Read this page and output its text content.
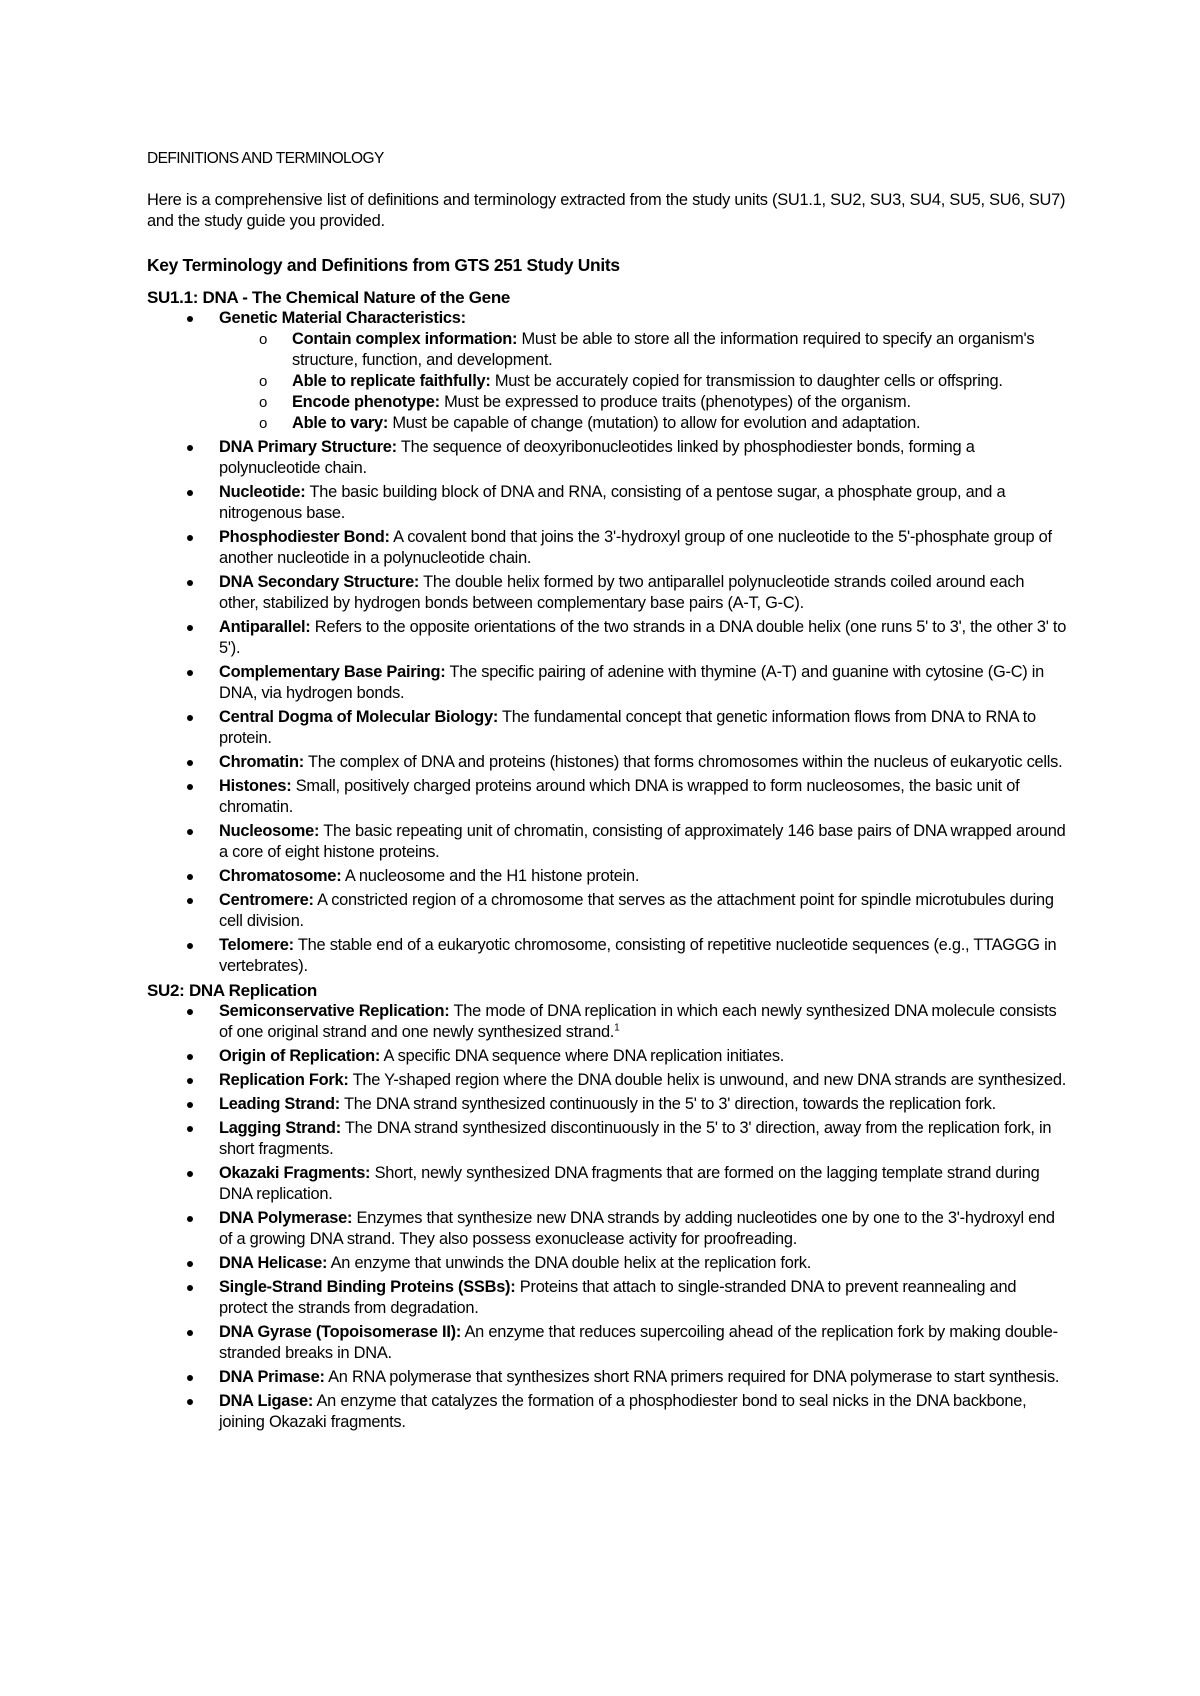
DEFINITIONS AND TERMINOLOGY
Here is a comprehensive list of definitions and terminology extracted from the study units (SU1.1, SU2, SU3, SU4, SU5, SU6, SU7) and the study guide you provided.
Key Terminology and Definitions from GTS 251 Study Units
SU1.1: DNA - The Chemical Nature of the Gene
Genetic Material Characteristics:
o Contain complex information: Must be able to store all the information required to specify an organism's structure, function, and development.
o Able to replicate faithfully: Must be accurately copied for transmission to daughter cells or offspring.
o Encode phenotype: Must be expressed to produce traits (phenotypes) of the organism.
o Able to vary: Must be capable of change (mutation) to allow for evolution and adaptation.
DNA Primary Structure: The sequence of deoxyribonucleotides linked by phosphodiester bonds, forming a polynucleotide chain.
Nucleotide: The basic building block of DNA and RNA, consisting of a pentose sugar, a phosphate group, and a nitrogenous base.
Phosphodiester Bond: A covalent bond that joins the 3'-hydroxyl group of one nucleotide to the 5'-phosphate group of another nucleotide in a polynucleotide chain.
DNA Secondary Structure: The double helix formed by two antiparallel polynucleotide strands coiled around each other, stabilized by hydrogen bonds between complementary base pairs (A-T, G-C).
Antiparallel: Refers to the opposite orientations of the two strands in a DNA double helix (one runs 5' to 3', the other 3' to 5').
Complementary Base Pairing: The specific pairing of adenine with thymine (A-T) and guanine with cytosine (G-C) in DNA, via hydrogen bonds.
Central Dogma of Molecular Biology: The fundamental concept that genetic information flows from DNA to RNA to protein.
Chromatin: The complex of DNA and proteins (histones) that forms chromosomes within the nucleus of eukaryotic cells.
Histones: Small, positively charged proteins around which DNA is wrapped to form nucleosomes, the basic unit of chromatin.
Nucleosome: The basic repeating unit of chromatin, consisting of approximately 146 base pairs of DNA wrapped around a core of eight histone proteins.
Chromatosome: A nucleosome and the H1 histone protein.
Centromere: A constricted region of a chromosome that serves as the attachment point for spindle microtubules during cell division.
Telomere: The stable end of a eukaryotic chromosome, consisting of repetitive nucleotide sequences (e.g., TTAGGG in vertebrates).
SU2: DNA Replication
Semiconservative Replication: The mode of DNA replication in which each newly synthesized DNA molecule consists of one original strand and one newly synthesized strand.$^1$
Origin of Replication: A specific DNA sequence where DNA replication initiates.
Replication Fork: The Y-shaped region where the DNA double helix is unwound, and new DNA strands are synthesized.
Leading Strand: The DNA strand synthesized continuously in the 5' to 3' direction, towards the replication fork.
Lagging Strand: The DNA strand synthesized discontinuously in the 5' to 3' direction, away from the replication fork, in short fragments.
Okazaki Fragments: Short, newly synthesized DNA fragments that are formed on the lagging template strand during DNA replication.
DNA Polymerase: Enzymes that synthesize new DNA strands by adding nucleotides one by one to the 3'-hydroxyl end of a growing DNA strand. They also possess exonuclease activity for proofreading.
DNA Helicase: An enzyme that unwinds the DNA double helix at the replication fork.
Single-Strand Binding Proteins (SSBs): Proteins that attach to single-stranded DNA to prevent reannealing and protect the strands from degradation.
DNA Gyrase (Topoisomerase II): An enzyme that reduces supercoiling ahead of the replication fork by making double-stranded breaks in DNA.
DNA Primase: An RNA polymerase that synthesizes short RNA primers required for DNA polymerase to start synthesis.
DNA Ligase: An enzyme that catalyzes the formation of a phosphodiester bond to seal nicks in the DNA backbone, joining Okazaki fragments.
